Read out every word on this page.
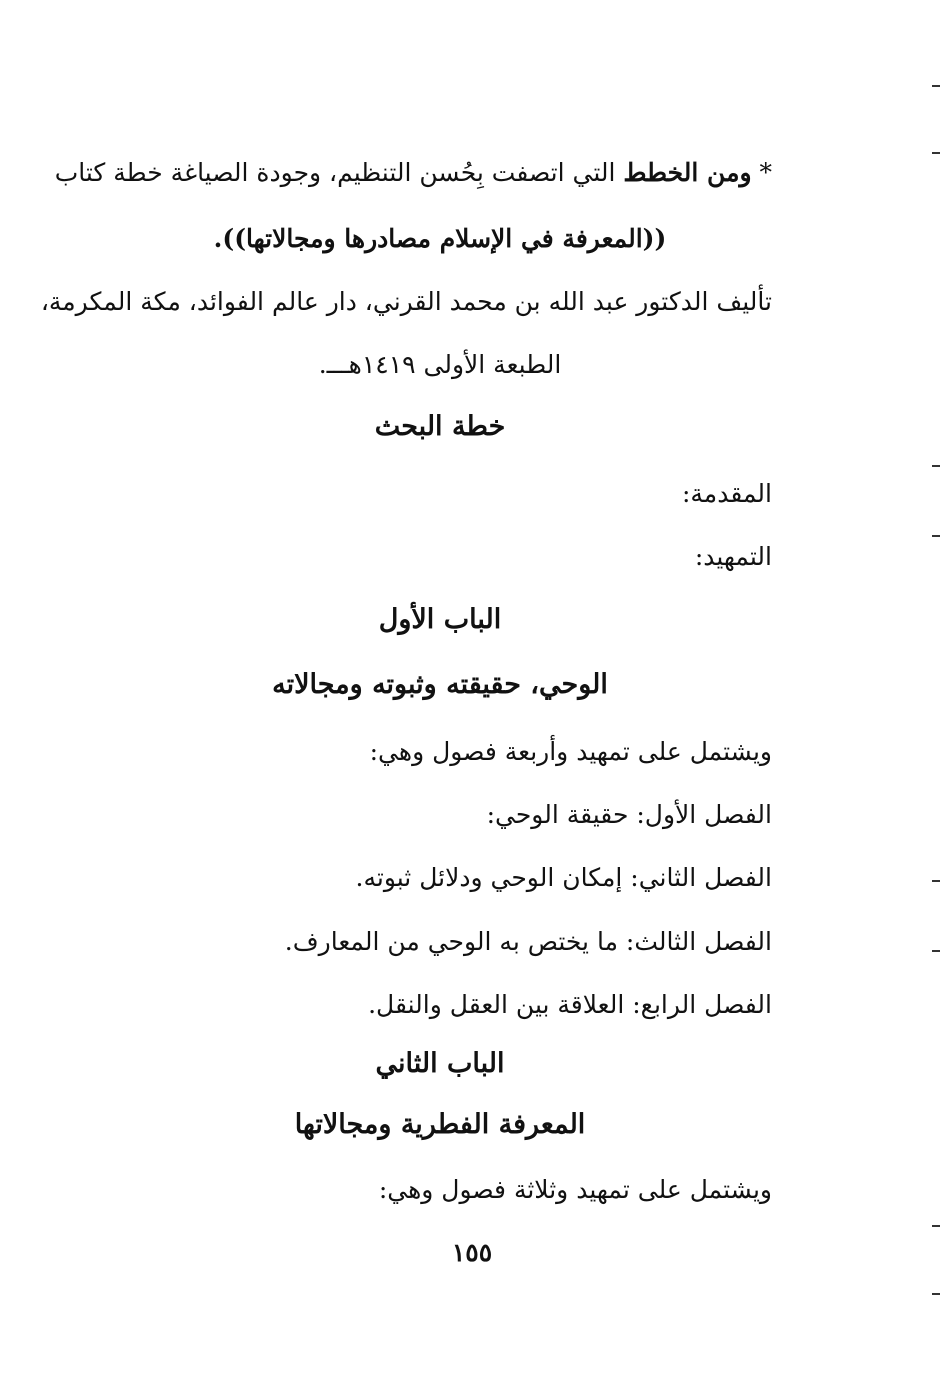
* ومن الخطط التي اتصفت بِحُسن التنظيم، وجودة الصياغة خطة كتاب
((المعرفة في الإسلام مصادرها ومجالاتها)).
تأليف الدكتور عبد الله بن محمد القرني، دار عالم الفوائد، مكة المكرمة،
الطبعة الأولى ١٤١٩هـــ.
خطة البحث
المقدمة:
التمهيد:
الباب الأول
الوحي، حقيقته وثبوته ومجالاته
ويشتمل على تمهيد وأربعة فصول وهي:
الفصل الأول: حقيقة الوحي:
الفصل الثاني: إمكان الوحي ودلائل ثبوته.
الفصل الثالث: ما يختص به الوحي من المعارف.
الفصل الرابع: العلاقة بين العقل والنقل.
الباب الثاني
المعرفة الفطرية ومجالاتها
ويشتمل على تمهيد وثلاثة فصول وهي:
١٥٥
